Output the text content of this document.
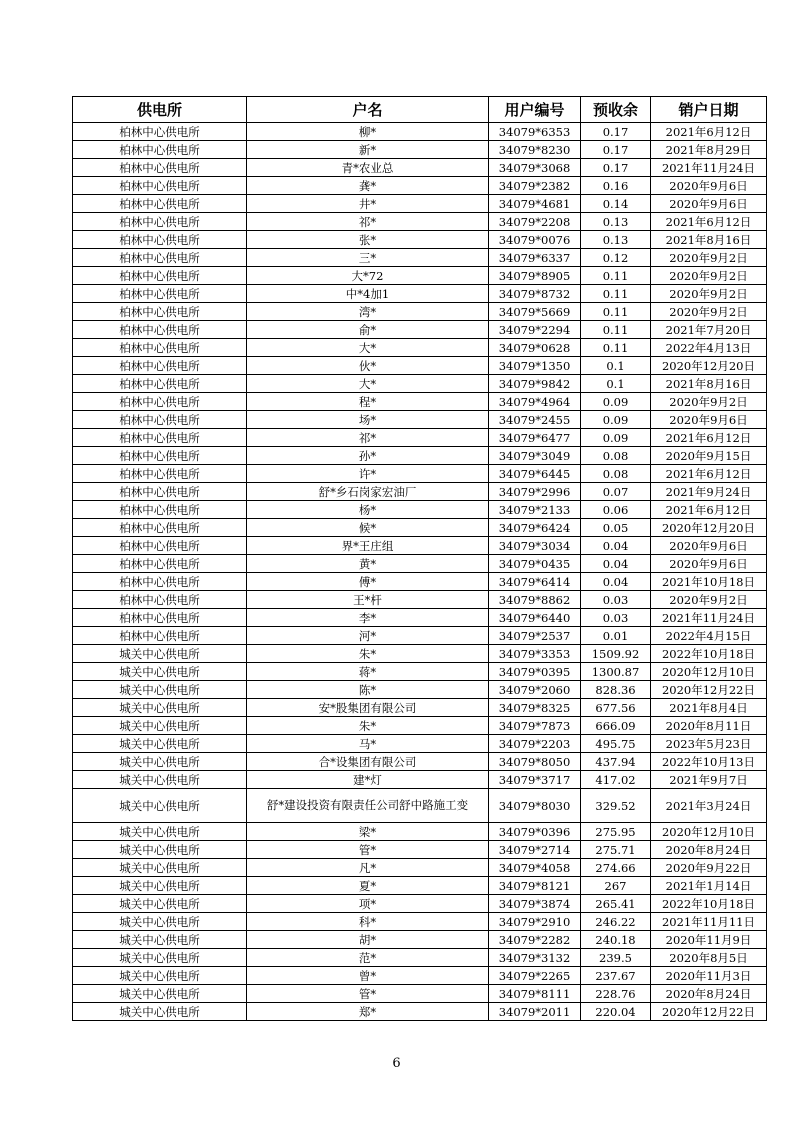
供电所	户名	用户编号	预收余	销户日期
柏林中心供电所	柳*	34079*6353	0.17	2021年6月12日
柏林中心供电所	新*	34079*8230	0.17	2021年8月29日
柏林中心供电所	青*农业总	34079*3068	0.17	2021年11月24日
柏林中心供电所	龚*	34079*2382	0.16	2020年9月6日
柏林中心供电所	井*	34079*4681	0.14	2020年9月6日
柏林中心供电所	祁*	34079*2208	0.13	2021年6月12日
柏林中心供电所	张*	34079*0076	0.13	2021年8月16日
柏林中心供电所	三*	34079*6337	0.12	2020年9月2日
柏林中心供电所	大*72	34079*8905	0.11	2020年9月2日
柏林中心供电所	中*4加1	34079*8732	0.11	2020年9月2日
柏林中心供电所	湾*	34079*5669	0.11	2020年9月2日
柏林中心供电所	俞*	34079*2294	0.11	2021年7月20日
柏林中心供电所	大*	34079*0628	0.11	2022年4月13日
柏林中心供电所	伙*	34079*1350	0.1	2020年12月20日
柏林中心供电所	大*	34079*9842	0.1	2021年8月16日
柏林中心供电所	程*	34079*4964	0.09	2020年9月2日
柏林中心供电所	场*	34079*2455	0.09	2020年9月6日
柏林中心供电所	祁*	34079*6477	0.09	2021年6月12日
柏林中心供电所	孙*	34079*3049	0.08	2020年9月15日
柏林中心供电所	许*	34079*6445	0.08	2021年6月12日
柏林中心供电所	舒*乡石岗家宏油厂	34079*2996	0.07	2021年9月24日
柏林中心供电所	杨*	34079*2133	0.06	2021年6月12日
柏林中心供电所	候*	34079*6424	0.05	2020年12月20日
柏林中心供电所	界*王庄组	34079*3034	0.04	2020年9月6日
柏林中心供电所	黄*	34079*0435	0.04	2020年9月6日
柏林中心供电所	傅*	34079*6414	0.04	2021年10月18日
柏林中心供电所	王*杆	34079*8862	0.03	2020年9月2日
柏林中心供电所	李*	34079*6440	0.03	2021年11月24日
柏林中心供电所	河*	34079*2537	0.01	2022年4月15日
城关中心供电所	朱*	34079*3353	1509.92	2022年10月18日
城关中心供电所	蒋*	34079*0395	1300.87	2020年12月10日
城关中心供电所	陈*	34079*2060	828.36	2020年12月22日
城关中心供电所	安*股集团有限公司	34079*8325	677.56	2021年8月4日
城关中心供电所	朱*	34079*7873	666.09	2020年8月11日
城关中心供电所	马*	34079*2203	495.75	2023年5月23日
城关中心供电所	合*设集团有限公司	34079*8050	437.94	2022年10月13日
城关中心供电所	建*灯	34079*3717	417.02	2021年9月7日
城关中心供电所	舒*建设投资有限责任公司舒中路施工变	34079*8030	329.52	2021年3月24日
城关中心供电所	梁*	34079*0396	275.95	2020年12月10日
城关中心供电所	管*	34079*2714	275.71	2020年8月24日
城关中心供电所	凡*	34079*4058	274.66	2020年9月22日
城关中心供电所	夏*	34079*8121	267	2021年1月14日
城关中心供电所	项*	34079*3874	265.41	2022年10月18日
城关中心供电所	科*	34079*2910	246.22	2021年11月11日
城关中心供电所	胡*	34079*2282	240.18	2020年11月9日
城关中心供电所	范*	34079*3132	239.5	2020年8月5日
城关中心供电所	曾*	34079*2265	237.67	2020年11月3日
城关中心供电所	管*	34079*8111	228.76	2020年8月24日
城关中心供电所	郑*	34079*2011	220.04	2020年12月22日
6
